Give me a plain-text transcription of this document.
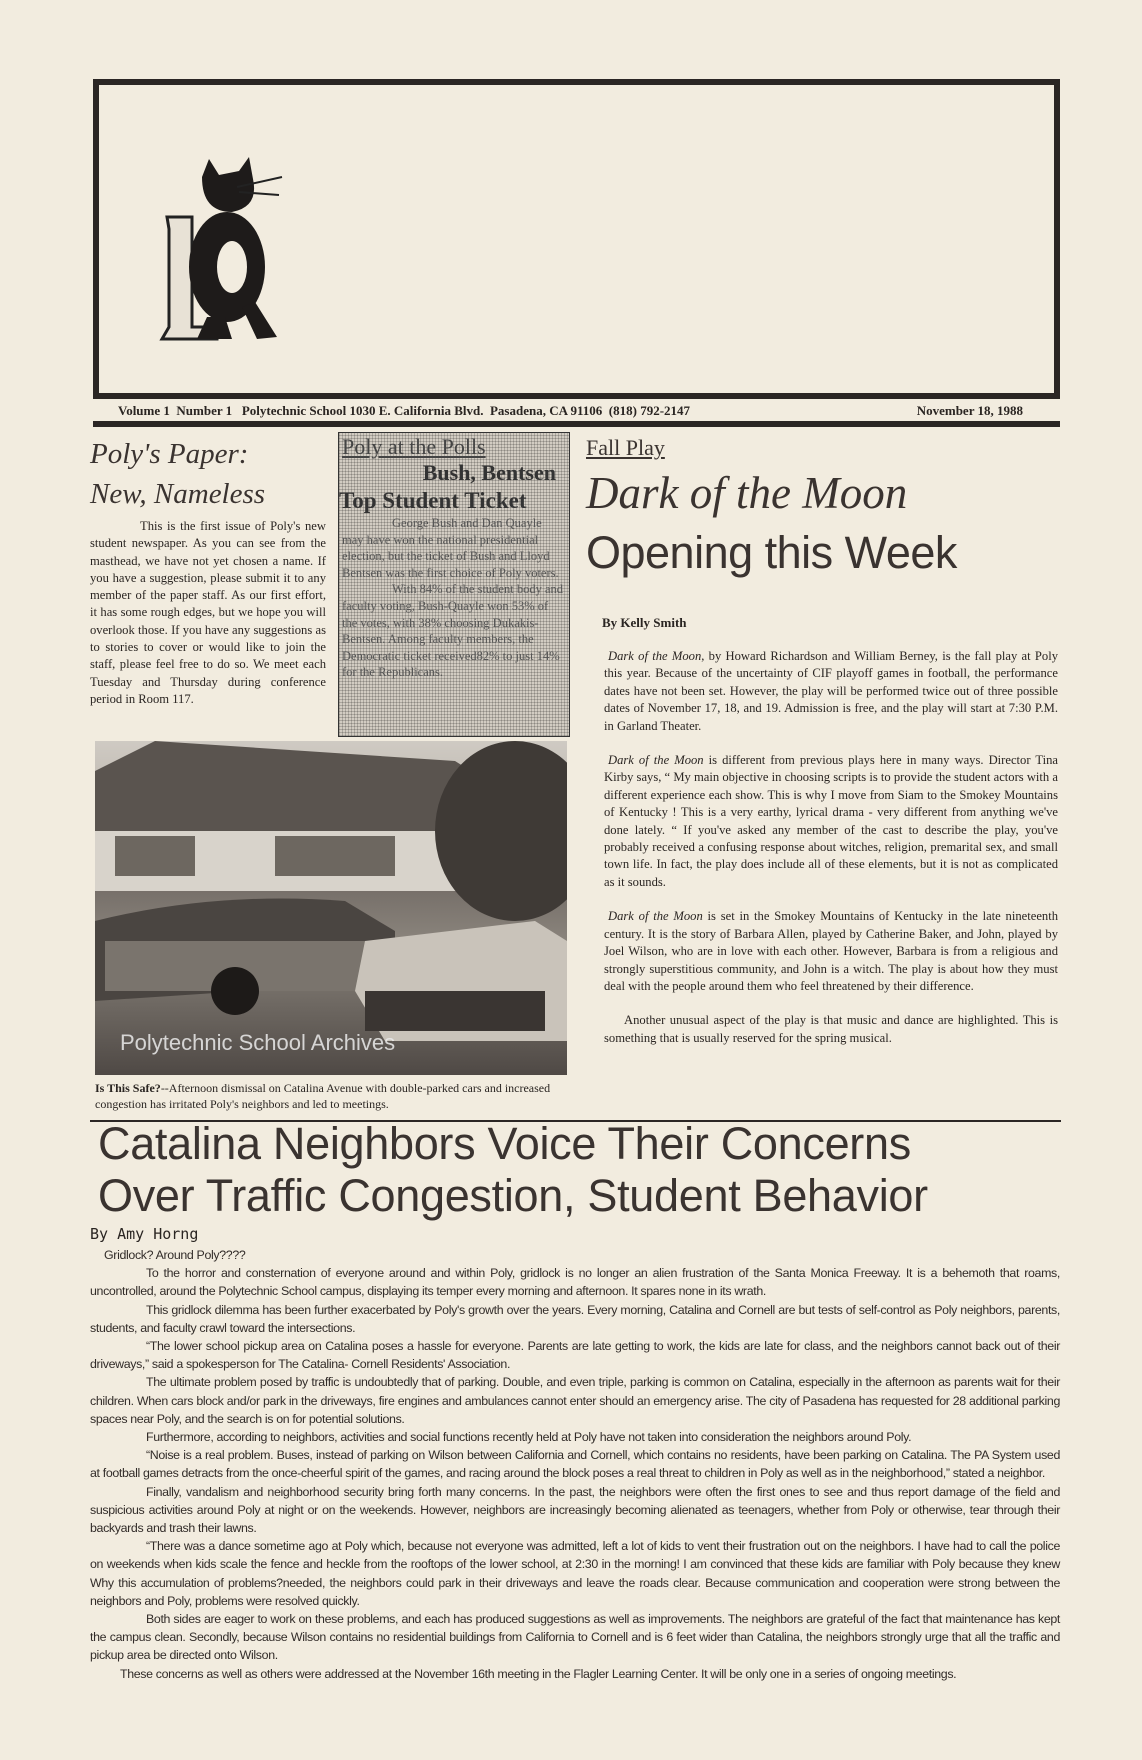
Volume 1  Number 1   Polytechnic School 1030 E. California Blvd.  Pasadena, CA 91106  (818) 792-2147	November 18, 1988
Poly's Paper:
New, Nameless

This is the first issue of Poly's new student newspaper. As you can see from the masthead, we have not yet chosen a name. If you have a suggestion, please submit it to any member of the paper staff. As our first effort, it has some rough edges, but we hope you will overlook those. If you have any suggestions as to stories to cover or would like to join the staff, please feel free to do so. We meet each Tuesday and Thursday during conference period in Room 117.

Poly at the Polls
Bush, Bentsen
Top Student Ticket

George Bush and Dan Quayle may have won the national presidential election, but the ticket of Bush and Lloyd Bentsen was the first choice of Poly voters.

With 84% of the student body and faculty voting, Bush-Quayle won 53% of the votes, with 38% choosing Dukakis-Bentsen. Among faculty members, the Democratic ticket received82% to just 14% for the Republicans.

Fall Play
Dark of the Moon
Opening this Week
By Kelly Smith

Dark of the Moon, by Howard Richardson and William Berney, is the fall play at Poly this year. Because of the uncertainty of CIF playoff games in football, the performance dates have not been set. However, the play will be performed twice out of three possible dates of November 17, 18, and 19. Admission is free, and the play will start at 7:30 P.M. in Garland Theater.

Dark of the Moon is different from previous plays here in many ways. Director Tina Kirby says, “ My main objective in choosing scripts is to provide the student actors with a different experience each show. This is why I move from Siam to the Smokey Mountains of Kentucky ! This is a very earthy, lyrical drama - very different from anything we've done lately. “ If you've asked any member of the cast to describe the play, you've probably received a confusing response about witches, religion, premarital sex, and small town life. In fact, the play does include all of these elements, but it is not as complicated as it sounds.

Dark of the Moon is set in the Smokey Mountains of Kentucky in the late nineteenth century. It is the story of Barbara Allen, played by Catherine Baker, and John, played by Joel Wilson, who are in love with each other. However, Barbara is from a religious and strongly superstitious community, and John is a witch. The play is about how they must deal with the people around them who feel threatened by their difference.

Another unusual aspect of the play is that music and dance are highlighted. This is something that is usually reserved for the spring musical.

Polytechnic School Archives
Is This Safe?--Afternoon dismissal on Catalina Avenue with double-parked cars and increased congestion has irritated Poly's neighbors and led to meetings.
Catalina Neighbors Voice Their Concerns
Over Traffic Congestion, Student Behavior
By Amy Horng

Gridlock? Around Poly????

To the horror and consternation of everyone around and within Poly, gridlock is no longer an alien frustration of the Santa Monica Freeway. It is a behemoth that roams, uncontrolled, around the Polytechnic School campus, displaying its temper every morning and afternoon. It spares none in its wrath.

This gridlock dilemma has been further exacerbated by Poly's growth over the years. Every morning, Catalina and Cornell are but tests of self-control as Poly neighbors, parents, students, and faculty crawl toward the intersections.

“The lower school pickup area on Catalina poses a hassle for everyone. Parents are late getting to work, the kids are late for class, and the neighbors cannot back out of their driveways,” said a spokesperson for The Catalina- Cornell Residents' Association.

The ultimate problem posed by traffic is undoubtedly that of parking. Double, and even triple, parking is common on Catalina, especially in the afternoon as parents wait for their children. When cars block and/or park in the driveways, fire engines and ambulances cannot enter should an emergency arise. The city of Pasadena has requested for 28 additional parking spaces near Poly, and the search is on for potential solutions.

Furthermore, according to neighbors, activities and social functions recently held at Poly have not taken into consideration the neighbors around Poly.

“Noise is a real problem. Buses, instead of parking on Wilson between California and Cornell, which contains no residents, have been parking on Catalina. The PA System used at football games detracts from the once-cheerful spirit of the games, and racing around the block poses a real threat to children in Poly as well as in the neighborhood,” stated a neighbor.

Finally, vandalism and neighborhood security bring forth many concerns. In the past, the neighbors were often the first ones to see and thus report damage of the field and suspicious activities around Poly at night or on the weekends. However, neighbors are increasingly becoming alienated as teenagers, whether from Poly or otherwise, tear through their backyards and trash their lawns.

“There was a dance sometime ago at Poly which, because not everyone was admitted, left a lot of kids to vent their frustration out on the neighbors. I have had to call the police on weekends when kids scale the fence and heckle from the rooftops of the lower school, at 2:30 in the morning! I am convinced that these kids are familiar with Poly because they knew Why this accumulation of problems?needed, the neighbors could park in their driveways and leave the roads clear. Because communication and cooperation were strong between the neighbors and Poly, problems were resolved quickly.

Both sides are eager to work on these problems, and each has produced suggestions as well as improvements. The neighbors are grateful of the fact that maintenance has kept the campus clean. Secondly, because Wilson contains no residential buildings from California to Cornell and is 6 feet wider than Catalina, the neighbors strongly urge that all the traffic and pickup area be directed onto Wilson.

These concerns as well as others were addressed at the November 16th meeting in the Flagler Learning Center. It will be only one in a series of ongoing meetings.
